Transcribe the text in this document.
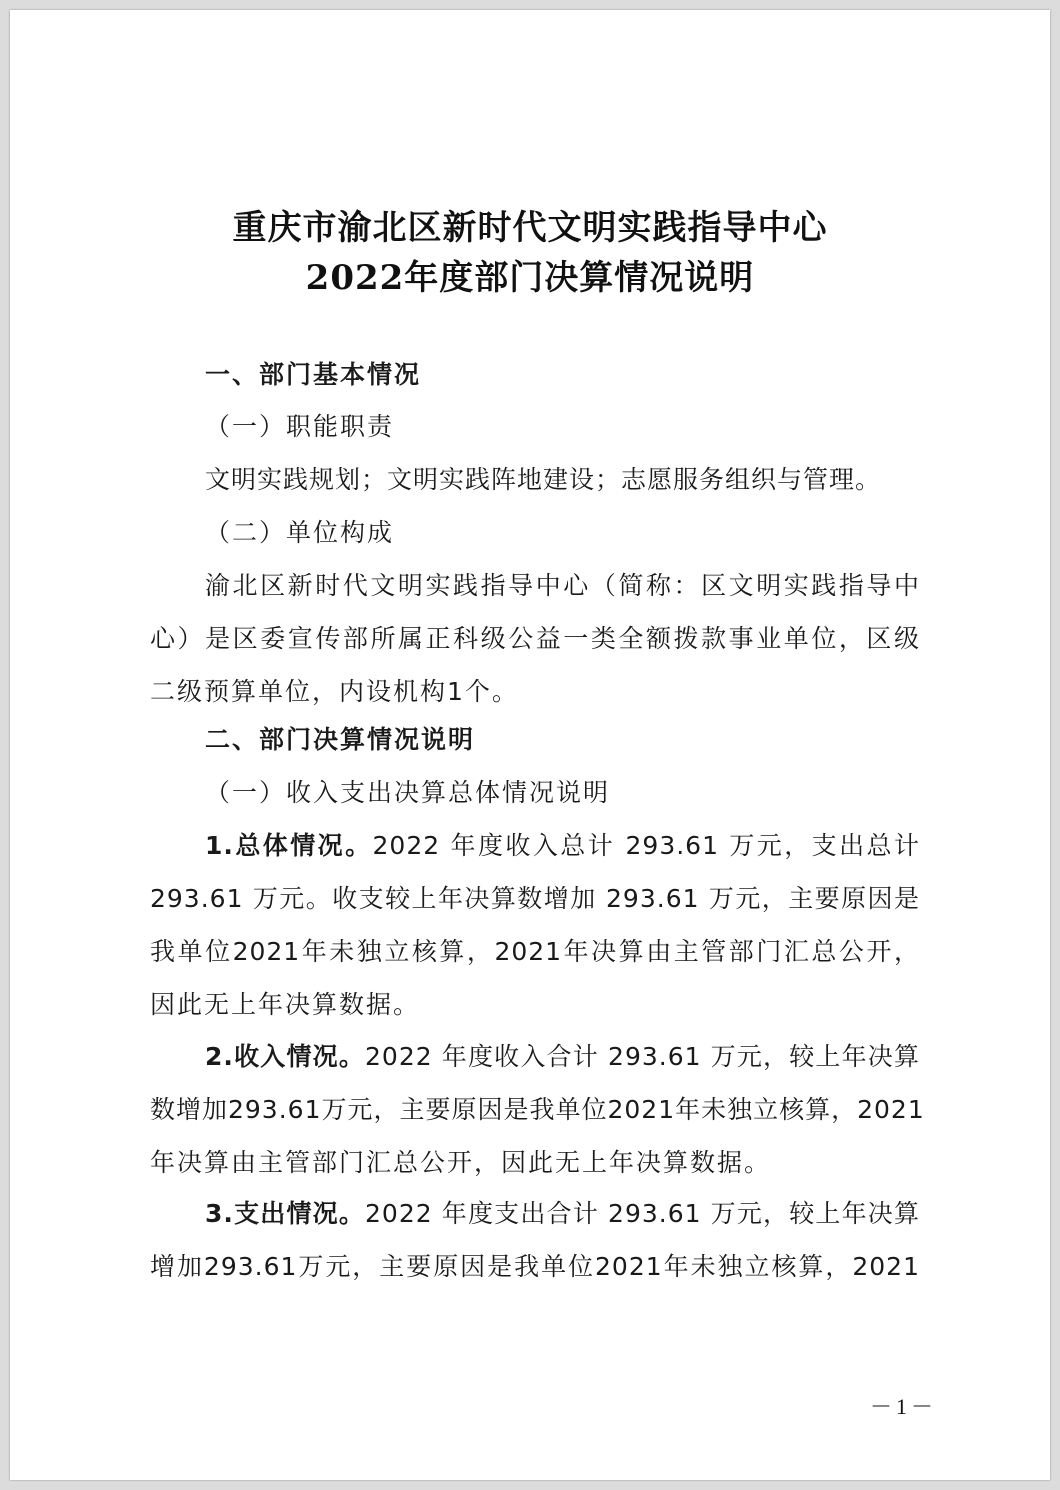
重庆市渝北区新时代文明实践指导中心
2022年度部门决算情况说明
一、部门基本情况
（一）职能职责
文明实践规划；文明实践阵地建设；志愿服务组织与管理。
（二）单位构成
渝北区新时代文明实践指导中心（简称：区文明实践指导中
心）是区委宣传部所属正科级公益一类全额拨款事业单位，区级
二级预算单位，内设机构1个。
二、部门决算情况说明
（一）收入支出决算总体情况说明
1.总体情况。2022 年度收入总计 293.61 万元，支出总计
293.61 万元。收支较上年决算数增加 293.61 万元，主要原因是
我单位2021年未独立核算，2021年决算由主管部门汇总公开，
因此无上年决算数据。
2.收入情况。2022 年度收入合计 293.61 万元，较上年决算
数增加293.61万元，主要原因是我单位2021年未独立核算，2021
年决算由主管部门汇总公开，因此无上年决算数据。
3.支出情况。2022 年度支出合计 293.61 万元，较上年决算
增加293.61万元，主要原因是我单位2021年未独立核算，2021
－1－
